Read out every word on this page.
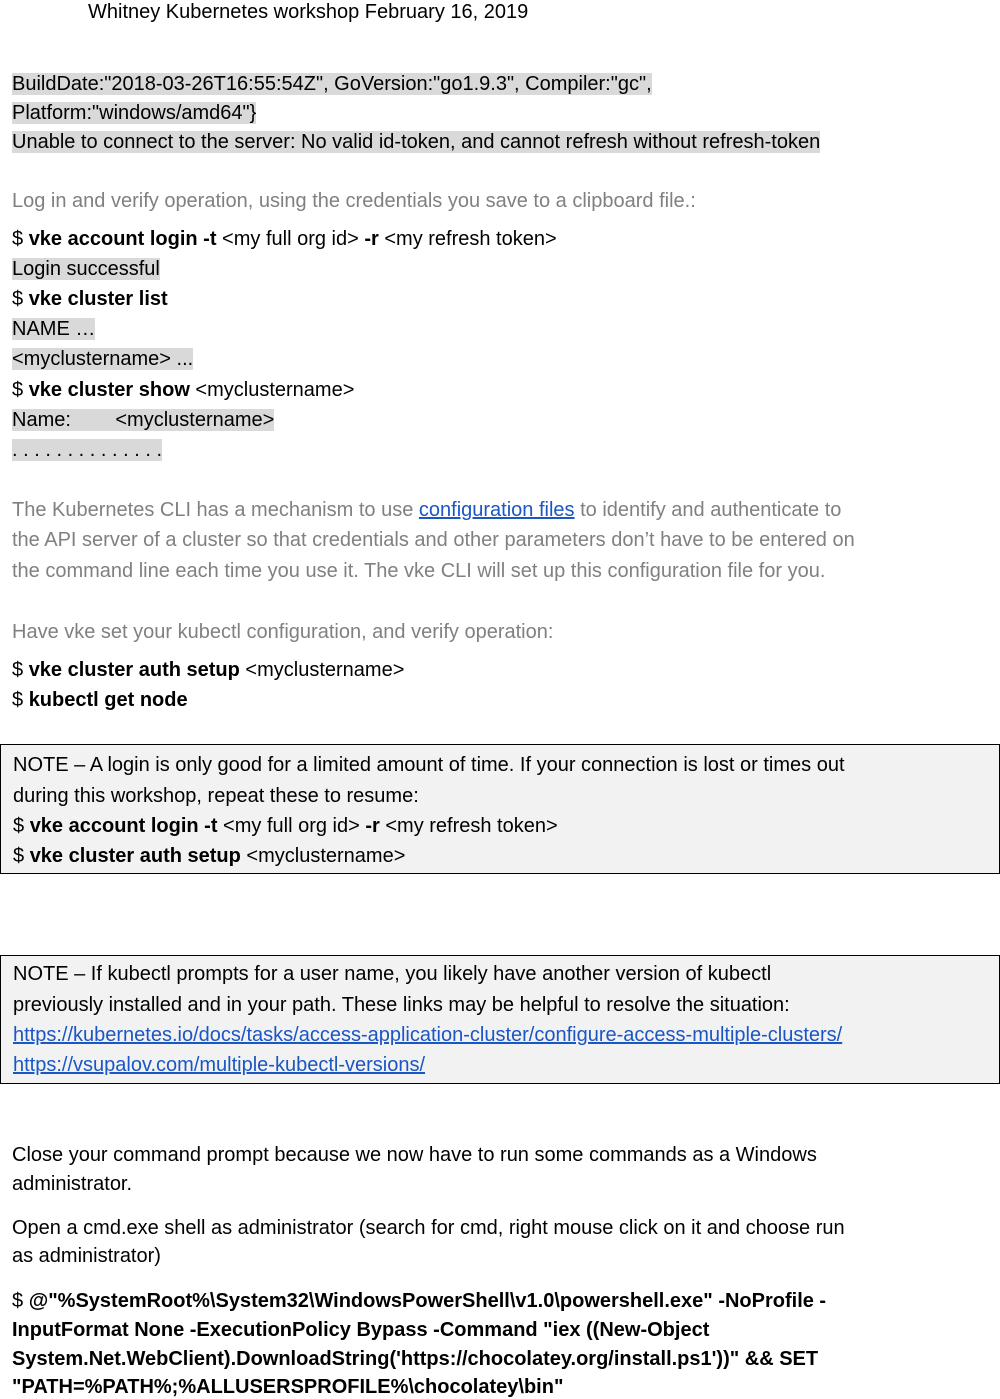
Whitney Kubernetes workshop February 16, 2019
BuildDate:"2018-03-26T16:55:54Z", GoVersion:"go1.9.3", Compiler:"gc",
Platform:"windows/amd64"}
Unable to connect to the server: No valid id-token, and cannot refresh without refresh-token
Log in and verify operation, using the credentials you save to a clipboard file.:
$ vke account login -t <my full org id> -r <my refresh token>
Login successful
$ vke cluster list
NAME …
<myclustername> ...
$ vke cluster show <myclustername>
Name:        <myclustername>
. . . . . . . . . . . . . .
The Kubernetes CLI has a mechanism to use configuration files to identify and authenticate to
the API server of a cluster so that credentials and other parameters don’t have to be entered on
the command line each time you use it. The vke CLI will set up this configuration file for you.
Have vke set your kubectl configuration, and verify operation:
$ vke cluster auth setup <myclustername>
$ kubectl get node
NOTE – A login is only good for a limited amount of time. If your connection is lost or times out
during this workshop, repeat these to resume:
$ vke account login -t <my full org id> -r <my refresh token>
$ vke cluster auth setup <myclustername>
NOTE – If kubectl prompts for a user name, you likely have another version of kubectl
previously installed and in your path. These links may be helpful to resolve the situation:
https://kubernetes.io/docs/tasks/access-application-cluster/configure-access-multiple-clusters/
https://vsupalov.com/multiple-kubectl-versions/
Close your command prompt because we now have to run some commands as a Windows
administrator.
Open a cmd.exe shell as administrator (search for cmd, right mouse click on it and choose run
as administrator)
$ @"%SystemRoot%\System32\WindowsPowerShell\v1.0\powershell.exe" -NoProfile -
InputFormat None -ExecutionPolicy Bypass -Command "iex ((New-Object
System.Net.WebClient).DownloadString('https://chocolatey.org/install.ps1'))" && SET
"PATH=%PATH%;%ALLUSERSPROFILE%\chocolatey\bin"
